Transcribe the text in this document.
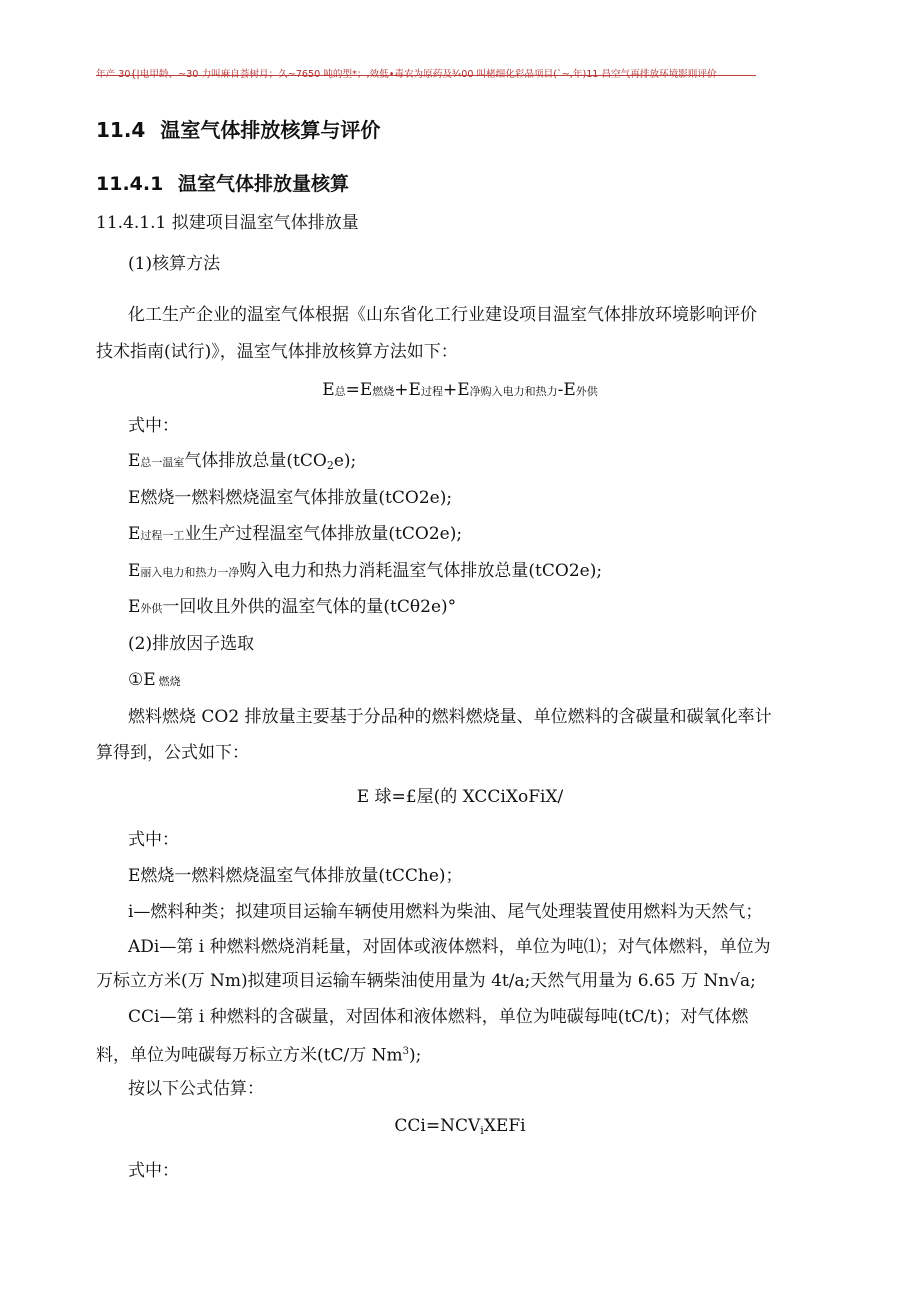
11.4 温室气体排放核算与评价
11.4.1 温室气体排放量核算
11.4.1.1 拟建项目温室气体排放量
(1)核算方法
化工生产企业的温室气体根据《山东省化工行业建设项目温室气体排放环境影响评价
技术指南(试行)》，温室气体排放核算方法如下：
E总=E燃烧+E过程+E净购入电力和热力-E外供
式中：
E总一温室气体排放总量(tCO$_2$e);
E燃烧一燃料燃烧温室气体排放量(tCO2e);
E过程一工业生产过程温室气体排放量(tCO2e);
E丽入电力和热力一净购入电力和热力消耗温室气体排放总量(tCO2e);
E外供一回收且外供的温室气体的量(tCθ2e)°
(2)排放因子选取
①E 燃烧
燃料燃烧 CO2 排放量主要基于分品种的燃料燃烧量、单位燃料的含碳量和碳氧化率计
算得到，公式如下：
E 球=£屋(的 XCCiXoFiX/
式中：
E燃烧一燃料燃烧温室气体排放量(tCChe)；
i—燃料种类；拟建项目运输车辆使用燃料为柴油、尾气处理装置使用燃料为天然气；
ADi—第 i 种燃料燃烧消耗量，对固体或液体燃料，单位为吨⑴；对气体燃料，单位为
万标立方米(万 Nm)拟建项目运输车辆柴油使用量为 4t∕a;天然气用量为 6.65 万 Nn√a;
CCi—第 i 种燃料的含碳量，对固体和液体燃料，单位为吨碳每吨(tC/t)；对气体燃
料，单位为吨碳每万标立方米(tC/万 Nm$^3$);
按以下公式估算：
$CCi=NCV_iXEFi$
式中：
